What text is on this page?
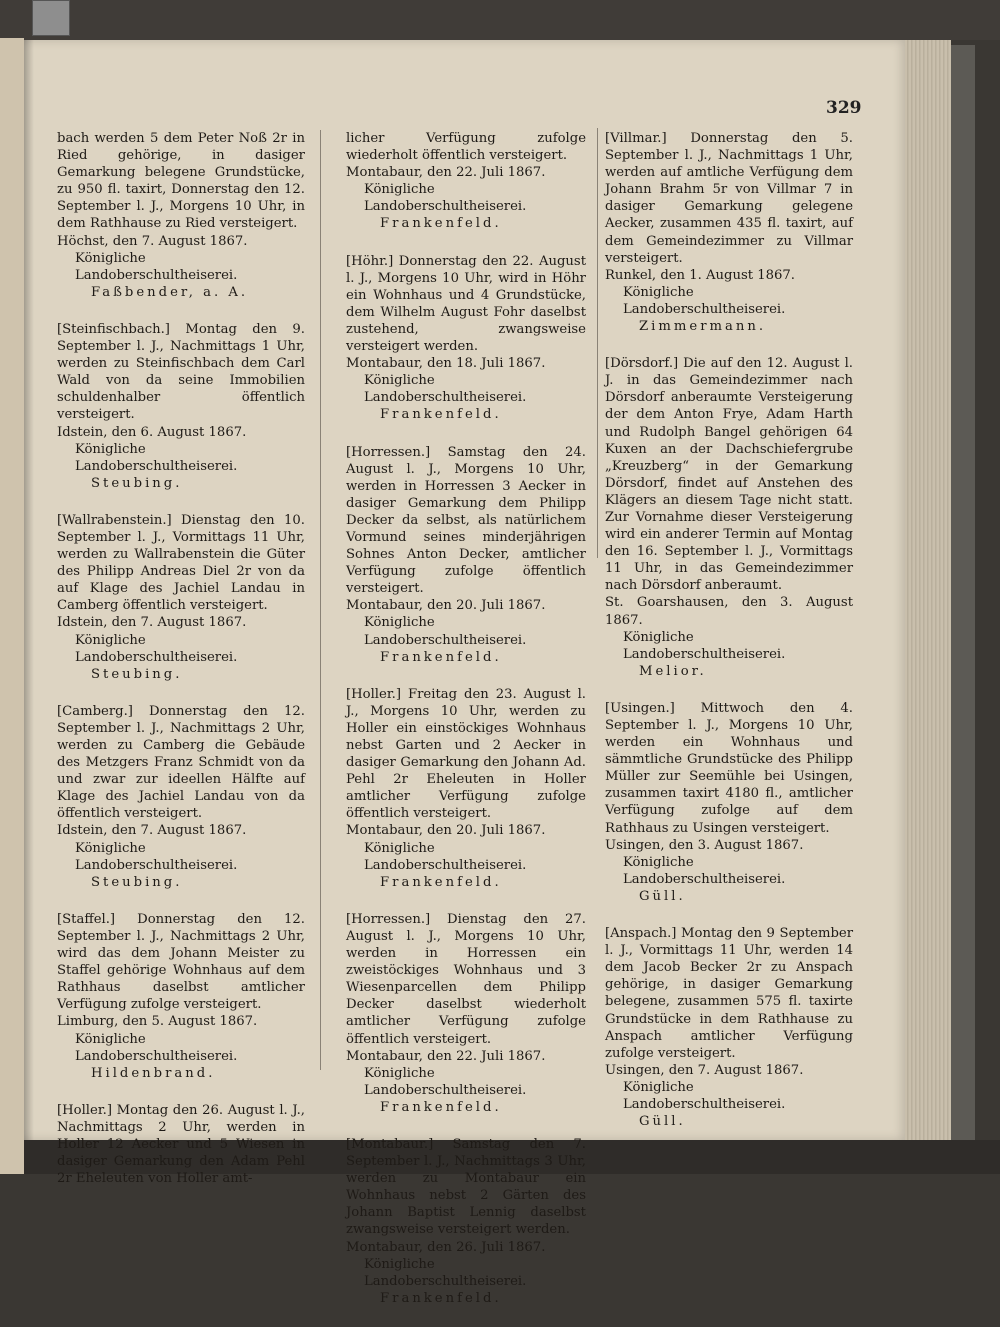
329

bach werden 5 dem Peter Noß 2r in Ried gehörige, in dasiger Gemarkung belegene Grundstücke, zu 950 fl. taxirt, Donnerstag den 12. September l. J., Morgens 10 Uhr, in dem Rathhause zu Ried versteigert.

Höchst, den 7. August 1867.

Königliche Landoberschultheiserei.

Faßbender, a. A.

[Steinfischbach.] Montag den 9. September l. J., Nachmittags 1 Uhr, werden zu Steinfischbach dem Carl Wald von da seine Immobilien schuldenhalber öffentlich versteigert.

Idstein, den 6. August 1867.

Königliche Landoberschultheiserei.

Steubing.

[Wallrabenstein.] Dienstag den 10. September l. J., Vormittags 11 Uhr, werden zu Wallrabenstein die Güter des Philipp Andreas Diel 2r von da auf Klage des Jachiel Landau in Camberg öffentlich versteigert.

Idstein, den 7. August 1867.

Königliche Landoberschultheiserei.

Steubing.

[Camberg.] Donnerstag den 12. September l. J., Nachmittags 2 Uhr, werden zu Camberg die Gebäude des Metzgers Franz Schmidt von da und zwar zur ideellen Hälfte auf Klage des Jachiel Landau von da öffentlich versteigert.

Idstein, den 7. August 1867.

Königliche Landoberschultheiserei.

Steubing.

[Staffel.] Donnerstag den 12. September l. J., Nachmittags 2 Uhr, wird das dem Johann Meister zu Staffel gehörige Wohnhaus auf dem Rathhaus daselbst amtlicher Verfügung zufolge versteigert.

Limburg, den 5. August 1867.

Königliche Landoberschultheiserei.

Hildenbrand.

[Holler.] Montag den 26. August l. J., Nachmittags 2 Uhr, werden in Holler 12 Aecker und 5 Wiesen in dasiger Gemarkung den Adam Pehl 2r Eheleuten von Holler amt-

licher Verfügung zufolge wiederholt öffentlich versteigert.

Montabaur, den 22. Juli 1867.

Königliche Landoberschultheiserei.

Frankenfeld.

[Höhr.] Donnerstag den 22. August l. J., Morgens 10 Uhr, wird in Höhr ein Wohnhaus und 4 Grundstücke, dem Wilhelm August Fohr daselbst zustehend, zwangsweise versteigert werden.

Montabaur, den 18. Juli 1867.

Königliche Landoberschultheiserei.

Frankenfeld.

[Horressen.] Samstag den 24. August l. J., Morgens 10 Uhr, werden in Horressen 3 Aecker in dasiger Gemarkung dem Philipp Decker da selbst, als natürlichem Vormund seines minderjährigen Sohnes Anton Decker, amtlicher Verfügung zufolge öffentlich versteigert.

Montabaur, den 20. Juli 1867.

Königliche Landoberschultheiserei.

Frankenfeld.

[Holler.] Freitag den 23. August l. J., Morgens 10 Uhr, werden zu Holler ein einstöckiges Wohnhaus nebst Garten und 2 Aecker in dasiger Gemarkung den Johann Ad. Pehl 2r Eheleuten in Holler amtlicher Verfügung zufolge öffentlich versteigert.

Montabaur, den 20. Juli 1867.

Königliche Landoberschultheiserei.

Frankenfeld.

[Horressen.] Dienstag den 27. August l. J., Morgens 10 Uhr, werden in Horressen ein zweistöckiges Wohnhaus und 3 Wiesenparcellen dem Philipp Decker daselbst wiederholt amtlicher Verfügung zufolge öffentlich versteigert.

Montabaur, den 22. Juli 1867.

Königliche Landoberschultheiserei.

Frankenfeld.

[Montabaur.] Samstag den 7. September l. J., Nachmittags 3 Uhr, werden zu Montabaur ein Wohnhaus nebst 2 Gärten des Johann Baptist Lennig daselbst zwangsweise versteigert werden.

Montabaur, den 26. Juli 1867.

Königliche Landoberschultheiserei.

Frankenfeld.

[Villmar.] Donnerstag den 5. September l. J., Nachmittags 1 Uhr, werden auf amtliche Verfügung dem Johann Brahm 5r von Villmar 7 in dasiger Gemarkung gelegene Aecker, zusammen 435 fl. taxirt, auf dem Gemeindezimmer zu Villmar versteigert.

Runkel, den 1. August 1867.

Königliche Landoberschultheiserei.

Zimmermann.

[Dörsdorf.] Die auf den 12. August l. J. in das Gemeindezimmer nach Dörsdorf anberaumte Versteigerung der dem Anton Frye, Adam Harth und Rudolph Bangel gehörigen 64 Kuxen an der Dachschiefergrube „Kreuzberg“ in der Gemarkung Dörsdorf, findet auf Anstehen des Klägers an diesem Tage nicht statt. Zur Vornahme dieser Versteigerung wird ein anderer Termin auf Montag den 16. September l. J., Vormittags 11 Uhr, in das Gemeindezimmer nach Dörsdorf anberaumt.

St. Goarshausen, den 3. August 1867.

Königliche Landoberschultheiserei.

Melior.

[Usingen.] Mittwoch den 4. September l. J., Morgens 10 Uhr, werden ein Wohnhaus und sämmtliche Grundstücke des Philipp Müller zur Seemühle bei Usingen, zusammen taxirt 4180 fl., amtlicher Verfügung zufolge auf dem Rathhaus zu Usingen versteigert.

Usingen, den 3. August 1867.

Königliche Landoberschultheiserei.

Güll.

[Anspach.] Montag den 9 September l. J., Vormittags 11 Uhr, werden 14 dem Jacob Becker 2r zu Anspach gehörige, in dasiger Gemarkung belegene, zusammen 575 fl. taxirte Grundstücke in dem Rathhause zu Anspach amtlicher Verfügung zufolge versteigert.

Usingen, den 7. August 1867.

Königliche Landoberschultheiserei.

Güll.
